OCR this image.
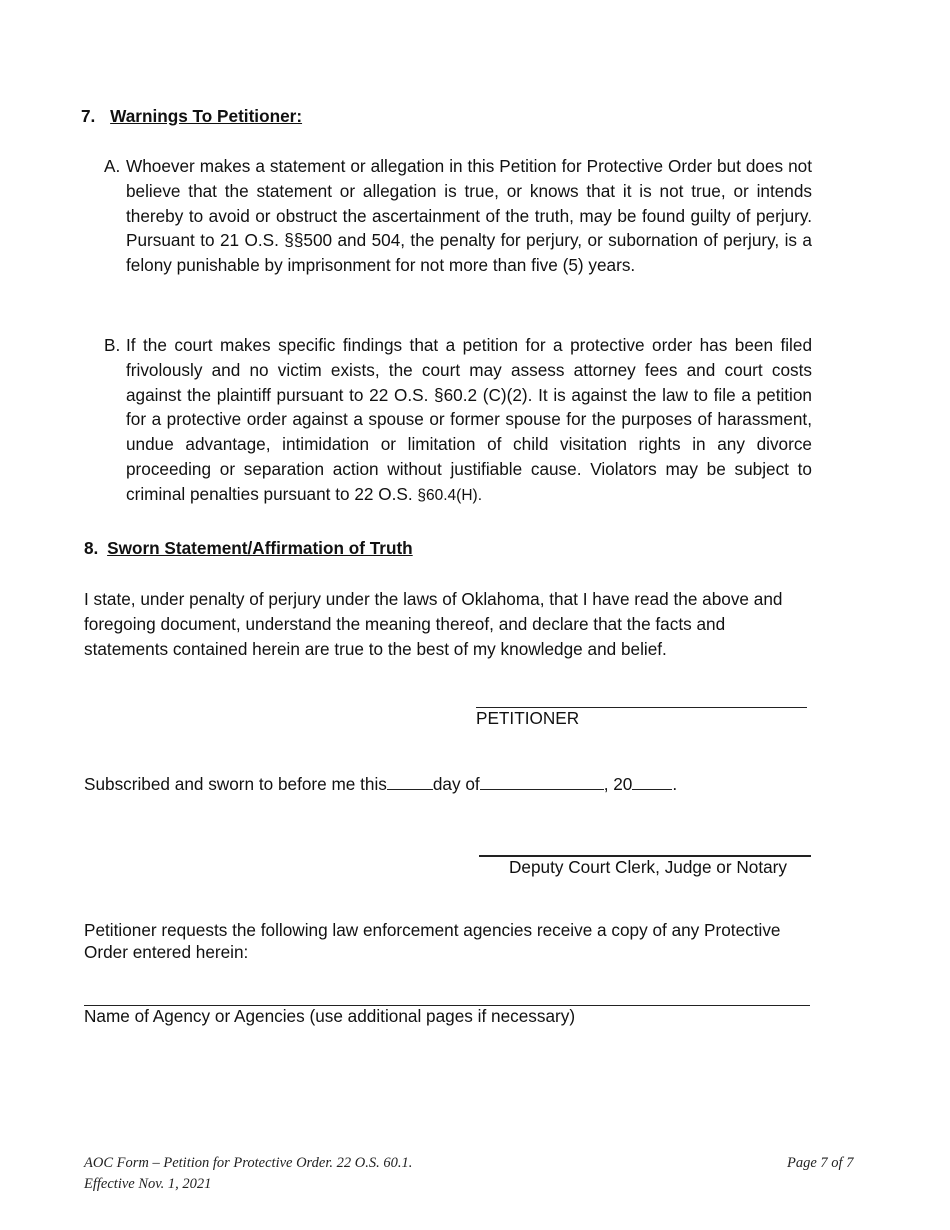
7. Warnings To Petitioner:
A. Whoever makes a statement or allegation in this Petition for Protective Order but does not believe that the statement or allegation is true, or knows that it is not true, or intends thereby to avoid or obstruct the ascertainment of the truth, may be found guilty of perjury. Pursuant to 21 O.S. §§500 and 504, the penalty for perjury, or subornation of perjury, is a felony punishable by imprisonment for not more than five (5) years.
B. If the court makes specific findings that a petition for a protective order has been filed frivolously and no victim exists, the court may assess attorney fees and court costs against the plaintiff pursuant to 22 O.S. §60.2 (C)(2). It is against the law to file a petition for a protective order against a spouse or former spouse for the purposes of harassment, undue advantage, intimidation or limitation of child visitation rights in any divorce proceeding or separation action without justifiable cause. Violators may be subject to criminal penalties pursuant to 22 O.S. §60.4(H).
8. Sworn Statement/Affirmation of Truth
I state, under penalty of perjury under the laws of Oklahoma, that I have read the above and foregoing document, understand the meaning thereof, and declare that the facts and statements contained herein are true to the best of my knowledge and belief.
PETITIONER
Subscribed and sworn to before me this	day of	, 20 .
Deputy Court Clerk, Judge or Notary
Petitioner requests the following law enforcement agencies receive a copy of any Protective Order entered herein:
Name of Agency or Agencies (use additional pages if necessary)
AOC Form – Petition for Protective Order. 22 O.S. 60.1.
Effective Nov. 1, 2021
Page 7 of 7
